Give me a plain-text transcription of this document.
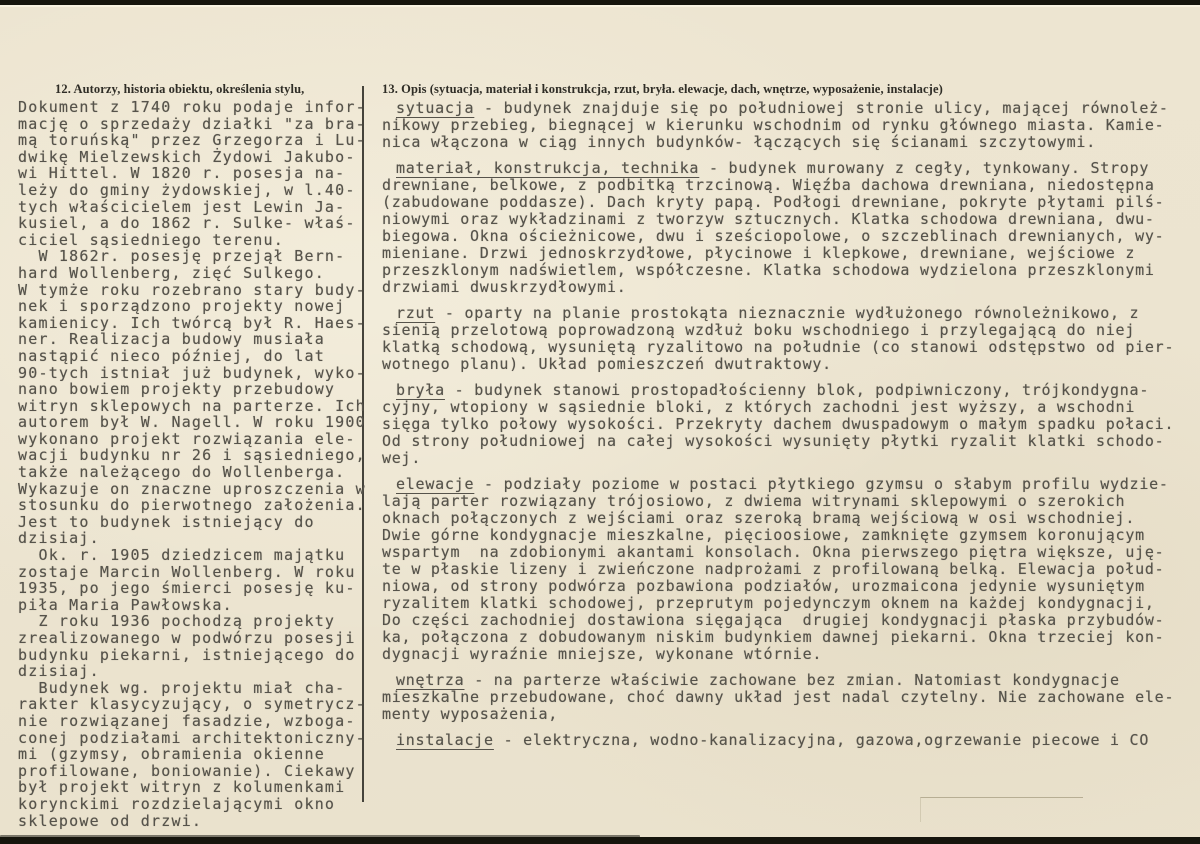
12. Autorzy, historia obiektu, określenia stylu,
Dokument z 1740 roku podaje infor-
mację o sprzedaży działki "za bra-
mą toruńską" przez Grzegorza i Lu-
dwikę Mielzewskich Żydowi Jakubo-
wi Hittel. W 1820 r. posesja na-
leży do gminy żydowskiej, w l.40-
tych właścicielem jest Lewin Ja-
kusiel, a do 1862 r. Sulke- właś-
ciciel sąsiedniego terenu.
W 1862r. posesję przejął Bern-
hard Wollenberg, zięć Sulkego.
W tymże roku rozebrano stary budy-
nek i sporządzono projekty nowej
kamienicy. Ich twórcą był R. Haes-
ner. Realizacja budowy musiała
nastąpić nieco później, do lat
90-tych istniał już budynek, wyko-
nano bowiem projekty przebudowy
witryn sklepowych na parterze. Ich
autorem był W. Nagell. W roku 1900
wykonano projekt rozwiązania ele-
wacji budynku nr 26 i sąsiedniego,
także należącego do Wollenberga.
Wykazuje on znaczne uproszczenia w
stosunku do pierwotnego założenia.
Jest to budynek istniejący do
dzisiaj.
Ok. r. 1905 dziedzicem majątku
zostaje Marcin Wollenberg. W roku
1935, po jego śmierci posesję ku-
piła Maria Pawłowska.
Z roku 1936 pochodzą projekty
zrealizowanego w podwórzu posesji
budynku piekarni, istniejącego do
dzisiaj.
Budynek wg. projektu miał cha-
rakter klasycyzujący, o symetrycz-
nie rozwiązanej fasadzie, wzboga-
conej podziałami architektoniczny-
mi (gzymsy, obramienia okienne
profilowane, boniowanie). Ciekawy
był projekt witryn z kolumenkami
korynckimi rozdzielającymi okno
sklepowe od drzwi.
13. Opis (sytuacja, materiał i konstrukcja, rzut, bryła. elewacje, dach, wnętrze, wyposażenie, instalacje)
sytuacja - budynek znajduje się po południowej stronie ulicy, mającej równoleż-
nikowy przebieg, biegnącej w kierunku wschodnim od rynku głównego miasta. Kamie-
nica włączona w ciąg innych budynków- łączących się ścianami szczytowymi.
materiał, konstrukcja, technika - budynek murowany z cegły, tynkowany. Stropy
drewniane, belkowe, z podbitką trzcinową. Więźba dachowa drewniana, niedostępna
(zabudowane poddasze). Dach kryty papą. Podłogi drewniane, pokryte płytami pilś-
niowymi oraz wykładzinami z tworzyw sztucznych. Klatka schodowa drewniana, dwu-
biegowa. Okna ościeżnicowe, dwu i sześciopolowe, o szczeblinach drewnianych, wy-
mieniane. Drzwi jednoskrzydłowe, płycinowe i klepkowe, drewniane, wejściowe z
przeszklonym nadświetlem, współczesne. Klatka schodowa wydzielona przeszklonymi
drzwiami dwuskrzydłowymi.
rzut - oparty na planie prostokąta nieznacznie wydłużonego równoleżnikowo, z
sienią przelotową poprowadzoną wzdłuż boku wschodniego i przylegającą do niej
klatką schodową, wysuniętą ryzalitowo na południe (co stanowi odstępstwo od pier-
wotnego planu). Układ pomieszczeń dwutraktowy.
bryła - budynek stanowi prostopadłościenny blok, podpiwniczony, trójkondygna-
cyjny, wtopiony w sąsiednie bloki, z których zachodni jest wyższy, a wschodni
sięga tylko połowy wysokości. Przekryty dachem dwuspadowym o małym spadku połaci.
Od strony południowej na całej wysokości wysunięty płytki ryzalit klatki schodo-
wej.
elewacje - podziały poziome w postaci płytkiego gzymsu o słabym profilu wydzie-
lają parter rozwiązany trójosiowo, z dwiema witrynami sklepowymi o szerokich
oknach połączonych z wejściami oraz szeroką bramą wejściową w osi wschodniej.
Dwie górne kondygnacje mieszkalne, pięcioosiowe, zamknięte gzymsem koronującym
wspartym  na zdobionymi akantami konsolach. Okna pierwszego piętra większe, uję-
te w płaskie lizeny i zwieńczone nadprożami z profilowaną belką. Elewacja połud-
niowa, od strony podwórza pozbawiona podziałów, urozmaicona jedynie wysuniętym
ryzalitem klatki schodowej, przeprutym pojedynczym oknem na każdej kondygnacji,
Do części zachodniej dostawiona sięgająca  drugiej kondygnacji płaska przybudów-
ka, połączona z dobudowanym niskim budynkiem dawnej piekarni. Okna trzeciej kon-
dygnacji wyraźnie mniejsze, wykonane wtórnie.
wnętrza - na parterze właściwie zachowane bez zmian. Natomiast kondygnacje
mieszkalne przebudowane, choć dawny układ jest nadal czytelny. Nie zachowane ele-
menty wyposażenia,
instalacje - elektryczna, wodno-kanalizacyjna, gazowa,ogrzewanie piecowe i CO
